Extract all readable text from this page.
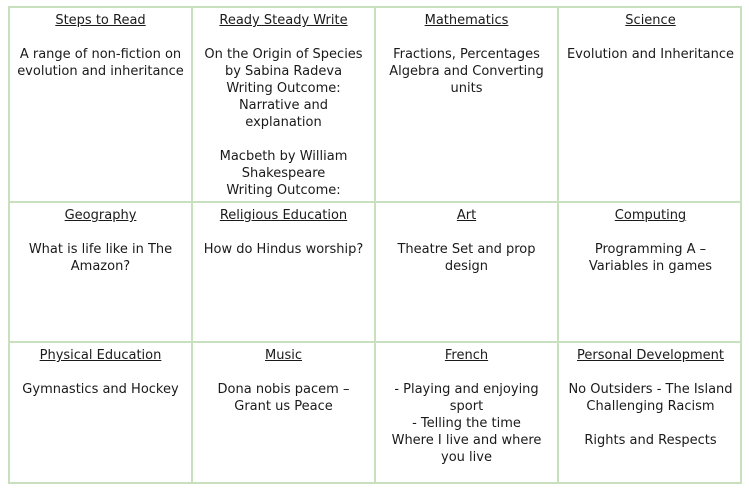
Steps to Read

A range of non-fiction on evolution and inheritance

Ready Steady Write

On the Origin of Species by Sabina Radeva
Writing Outcome:
Narrative and explanation

Macbeth by William Shakespeare
Writing Outcome:

Mathematics

Fractions, Percentages Algebra and Converting units

Science

Evolution and Inheritance

Geography

What is life like in The Amazon?

Religious Education

How do Hindus worship?

Art

Theatre Set and prop design

Computing

Programming A – Variables in games

Physical Education

Gymnastics and Hockey

Music

Dona nobis pacem – Grant us Peace

French

- Playing and enjoying sport
- Telling the time
Where I live and where you live

Personal Development

No Outsiders - The Island Challenging Racism

Rights and Respects
